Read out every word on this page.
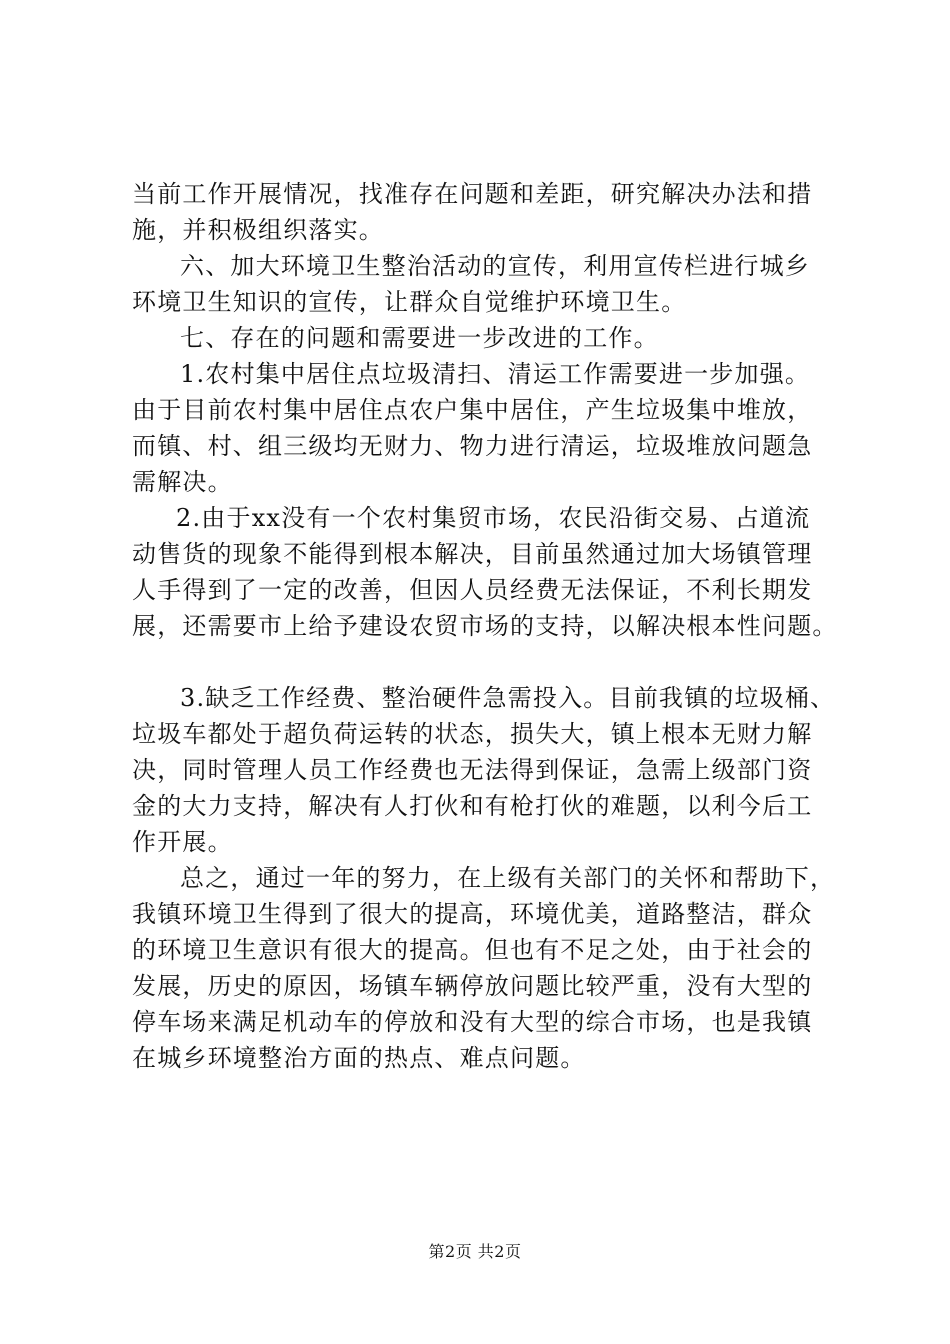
当前工作开展情况，找准存在问题和差距，研究解决办法和措
施，并积极组织落实。
六、加大环境卫生整治活动的宣传，利用宣传栏进行城乡
环境卫生知识的宣传，让群众自觉维护环境卫生。
七、存在的问题和需要进一步改进的工作。
1.农村集中居住点垃圾清扫、清运工作需要进一步加强。
由于目前农村集中居住点农户集中居住，产生垃圾集中堆放，
而镇、村、组三级均无财力、物力进行清运，垃圾堆放问题急
需解决。
2.由于xx没有一个农村集贸市场，农民沿街交易、占道流
动售货的现象不能得到根本解决，目前虽然通过加大场镇管理
人手得到了一定的改善，但因人员经费无法保证，不利长期发
展，还需要市上给予建设农贸市场的支持，以解决根本性问题。
3.缺乏工作经费、整治硬件急需投入。目前我镇的垃圾桶、
垃圾车都处于超负荷运转的状态，损失大，镇上根本无财力解
决，同时管理人员工作经费也无法得到保证，急需上级部门资
金的大力支持，解决有人打伙和有枪打伙的难题，以利今后工
作开展。
总之，通过一年的努力，在上级有关部门的关怀和帮助下，
我镇环境卫生得到了很大的提高，环境优美，道路整洁，群众
的环境卫生意识有很大的提高。但也有不足之处，由于社会的
发展，历史的原因，场镇车辆停放问题比较严重，没有大型的
停车场来满足机动车的停放和没有大型的综合市场，也是我镇
在城乡环境整治方面的热点、难点问题。
第2页 共2页
